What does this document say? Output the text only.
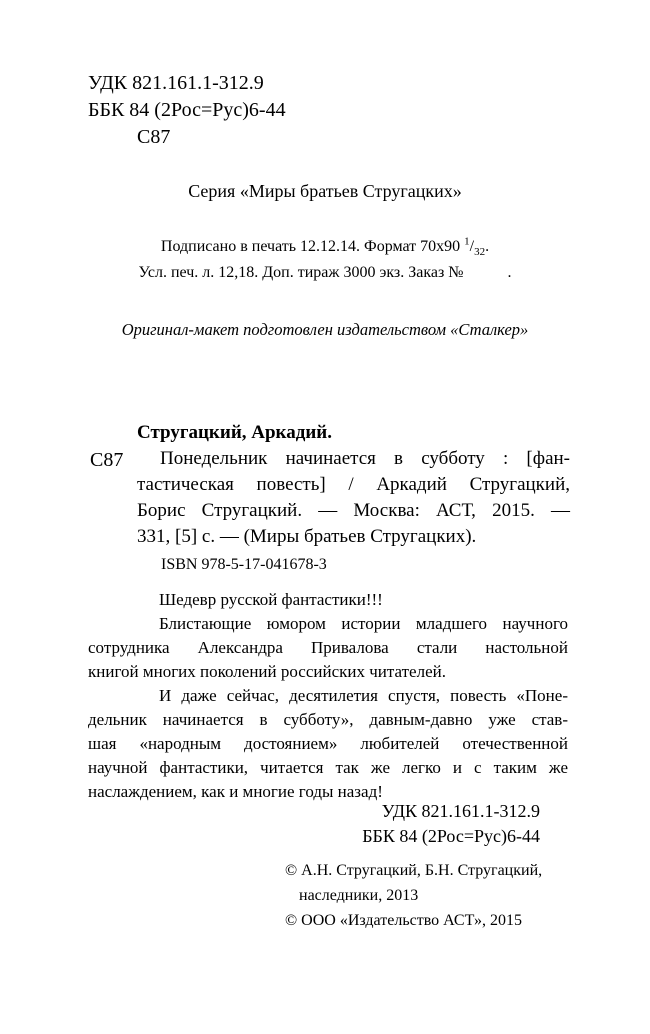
УДК 821.161.1-312.9
ББК 84 (2Рос=Рус)6-44
С87
Серия «Миры братьев Стругацких»
Подписано в печать 12.12.14. Формат 70х90 $^1/_{32}$.
Усл. печ. л. 12,18. Доп. тираж 3000 экз. Заказ №           .
Оригинал-макет подготовлен издательством «Сталкер»
С87
Стругацкий, Аркадий.
Понедельник начинается в субботу : [фан-
тастическая повесть] / Аркадий Стругацкий,
Борис Стругацкий. — Москва: АСТ, 2015. —
331, [5] с. — (Миры братьев Стругацких).
ISBN 978-5-17-041678-3
Шедевр русской фантастики!!!
Блистающие юмором истории младшего научного
сотрудника Александра Привалова стали настольной
книгой многих поколений российских читателей.
И даже сейчас, десятилетия спустя, повесть «Поне-
дельник начинается в субботу», давным-давно уже став-
шая «народным достоянием» любителей отечественной
научной фантастики, читается так же легко и с таким же
наслаждением, как и многие годы назад!
УДК 821.161.1-312.9
ББК 84 (2Рос=Рус)6-44
© А.Н. Стругацкий, Б.Н. Стругацкий,
наследники, 2013
© ООО «Издательство АСТ», 2015
